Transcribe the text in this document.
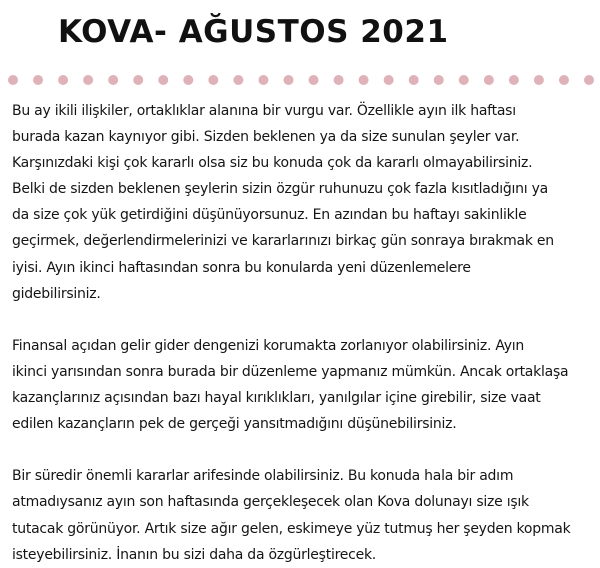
KOVA- AĞUSTOS 2021
Bu ay ikili ilişkiler, ortaklıklar alanına bir vurgu var. Özellikle ayın ilk haftası
burada kazan kaynıyor gibi. Sizden beklenen ya da size sunulan şeyler var.
Karşınızdaki kişi çok kararlı olsa siz bu konuda çok da kararlı olmayabilirsiniz.
Belki de sizden beklenen şeylerin sizin özgür ruhunuzu çok fazla kısıtladığını ya
da size çok yük getirdiğini düşünüyorsunuz. En azından bu haftayı sakinlikle
geçirmek, değerlendirmelerinizi ve kararlarınızı birkaç gün sonraya bırakmak en
iyisi. Ayın ikinci haftasından sonra bu konularda yeni düzenlemelere
gidebilirsiniz.
Finansal açıdan gelir gider dengenizi korumakta zorlanıyor olabilirsiniz. Ayın
ikinci yarısından sonra burada bir düzenleme yapmanız mümkün. Ancak ortaklaşa
kazançlarınız açısından bazı hayal kırıklıkları, yanılgılar içine girebilir, size vaat
edilen kazançların pek de gerçeği yansıtmadığını düşünebilirsiniz.
Bir süredir önemli kararlar arifesinde olabilirsiniz. Bu konuda hala bir adım
atmadıysanız ayın son haftasında gerçekleşecek olan Kova dolunayı size ışık
tutacak görünüyor. Artık size ağır gelen, eskimeye yüz tutmuş her şeyden kopmak
isteyebilirsiniz. İnanın bu sizi daha da özgürleştirecek.
